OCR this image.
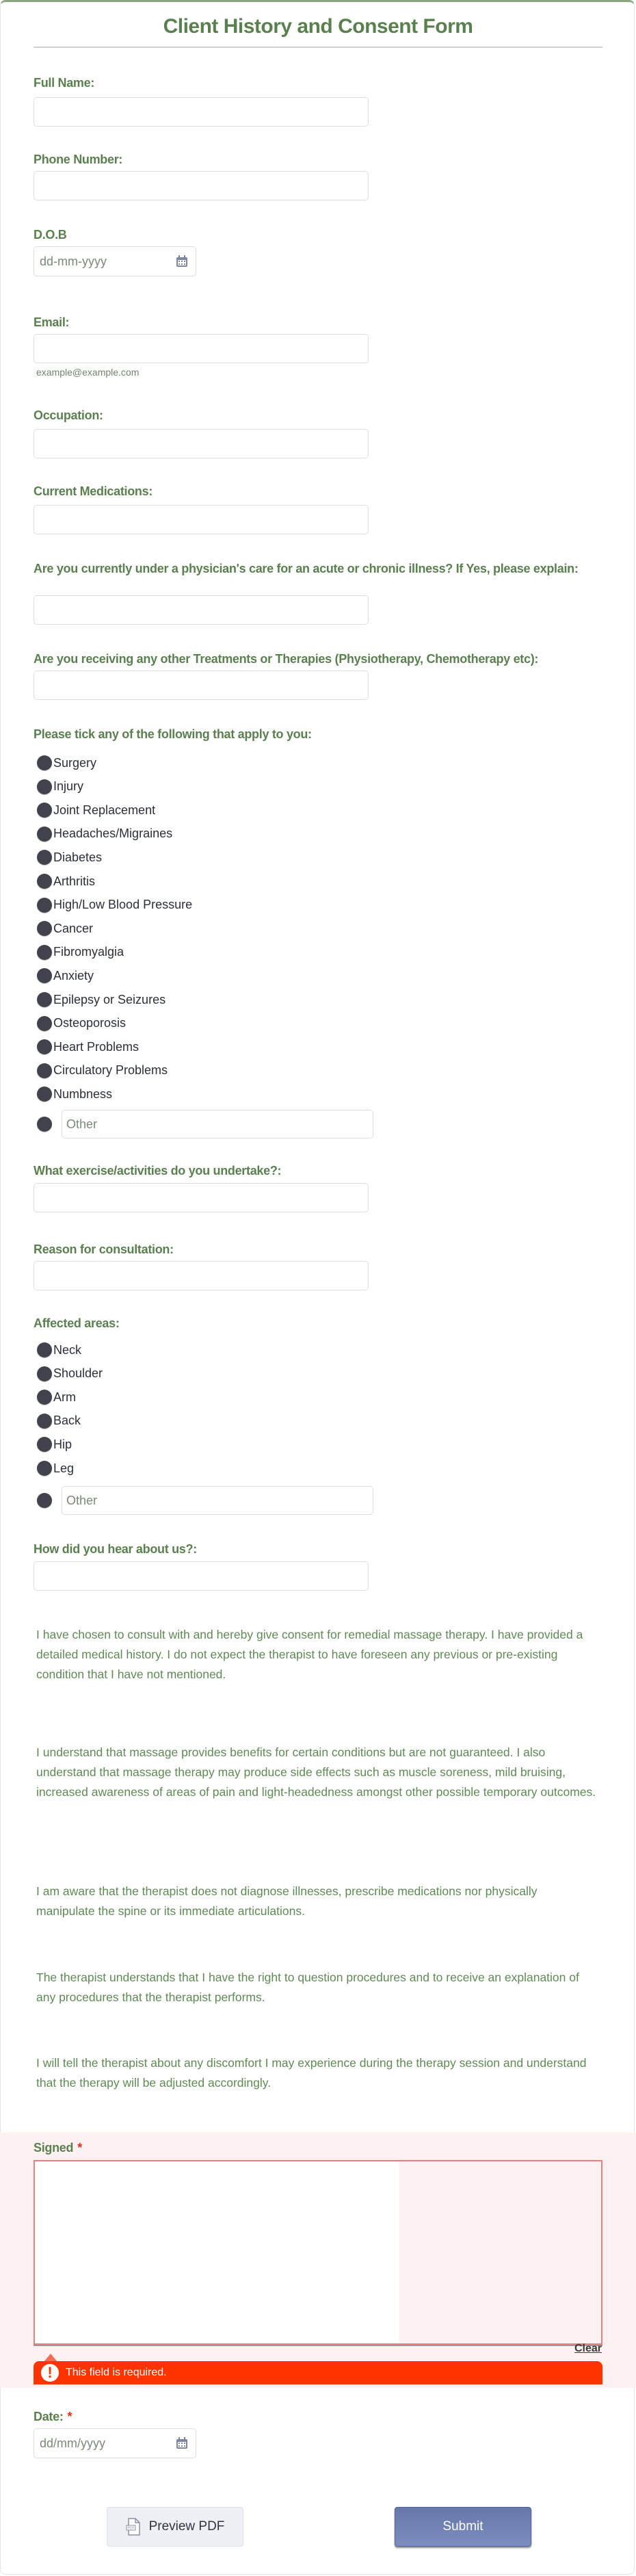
Client History and Consent Form
Full Name:
Phone Number:
D.O.B
dd-mm-yyyy
Email:
example@example.com
Occupation:
Current Medications:
Are you currently under a physician's care for an acute or chronic illness? If Yes, please explain:
Are you receiving any other Treatments or Therapies (Physiotherapy, Chemotherapy etc):
Please tick any of the following that apply to you:
Surgery
Injury
Joint Replacement
Headaches/Migraines
Diabetes
Arthritis
High/Low Blood Pressure
Cancer
Fibromyalgia
Anxiety
Epilepsy or Seizures
Osteoporosis
Heart Problems
Circulatory Problems
Numbness
Other
What exercise/activities do you undertake?:
Reason for consultation:
Affected areas:
Neck
Shoulder
Arm
Back
Hip
Leg
Other
How did you hear about us?:
I have chosen to consult with and hereby give consent for remedial massage therapy. I have provided a detailed medical history. I do not expect the therapist to have foreseen any previous or pre-existing condition that I have not mentioned.
I understand that massage provides benefits for certain conditions but are not guaranteed. I also understand that massage therapy may produce side effects such as muscle soreness, mild bruising, increased awareness of areas of pain and light-headedness amongst other possible temporary outcomes.
I am aware that the therapist does not diagnose illnesses, prescribe medications nor physically manipulate the spine or its immediate articulations.
The therapist understands that I have the right to question procedures and to receive an explanation of any procedures that the therapist performs.
I will tell the therapist about any discomfort I may experience during the therapy session and understand that the therapy will be adjusted accordingly.
Signed *
Clear
!	This field is required.
Date: *
dd/mm/yyyy
PDF Preview PDF	Submit
